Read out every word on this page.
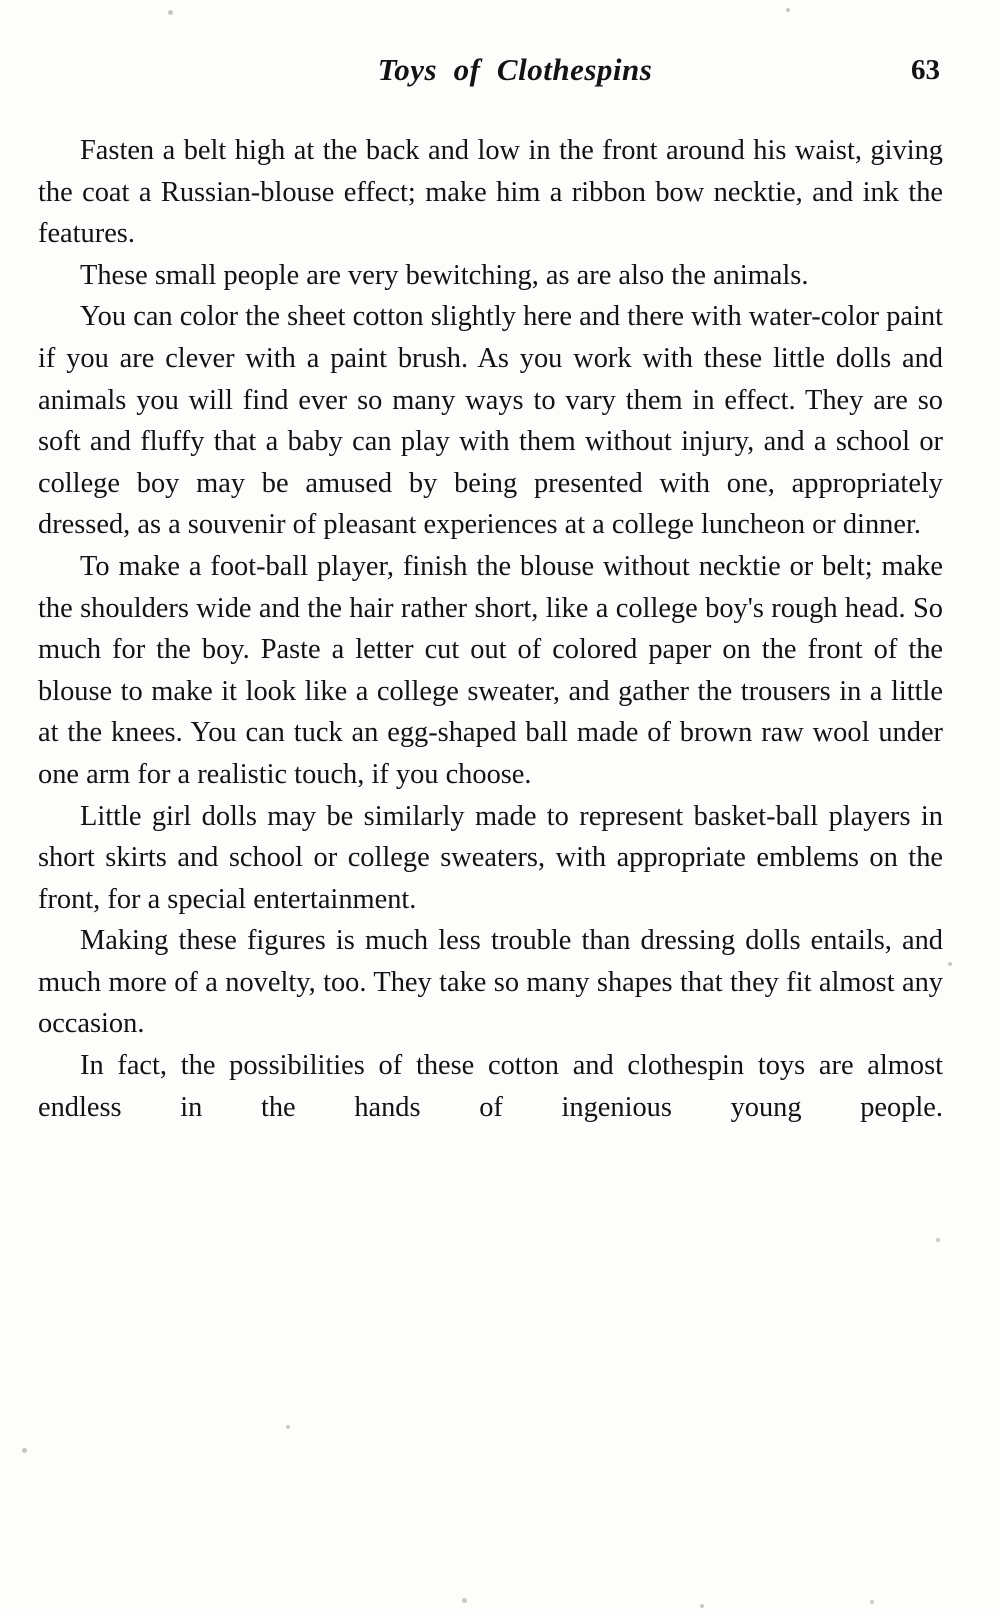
Toys  of  Clothespins	63

Fasten a belt high at the back and low in the front around his waist, giving the coat a Russian-blouse effect; make him a ribbon bow necktie, and ink the features.

These small people are very bewitching, as are also the animals.

You can color the sheet cotton slightly here and there with water-color paint if you are clever with a paint brush. As you work with these little dolls and animals you will find ever so many ways to vary them in effect. They are so soft and fluffy that a baby can play with them without injury, and a school or college boy may be amused by being presented with one, appropriately dressed, as a souvenir of pleasant experiences at a college luncheon or dinner.

To make a foot-ball player, finish the blouse without necktie or belt; make the shoulders wide and the hair rather short, like a college boy's rough head. So much for the boy. Paste a letter cut out of colored paper on the front of the blouse to make it look like a college sweater, and gather the trousers in a little at the knees. You can tuck an egg-shaped ball made of brown raw wool under one arm for a realistic touch, if you choose.

Little girl dolls may be similarly made to represent basket-ball players in short skirts and school or college sweaters, with appropriate emblems on the front, for a special entertainment.

Making these figures is much less trouble than dressing dolls entails, and much more of a novelty, too. They take so many shapes that they fit almost any occasion.

In fact, the possibilities of these cotton and clothespin toys are almost endless in the hands of ingenious young people.
